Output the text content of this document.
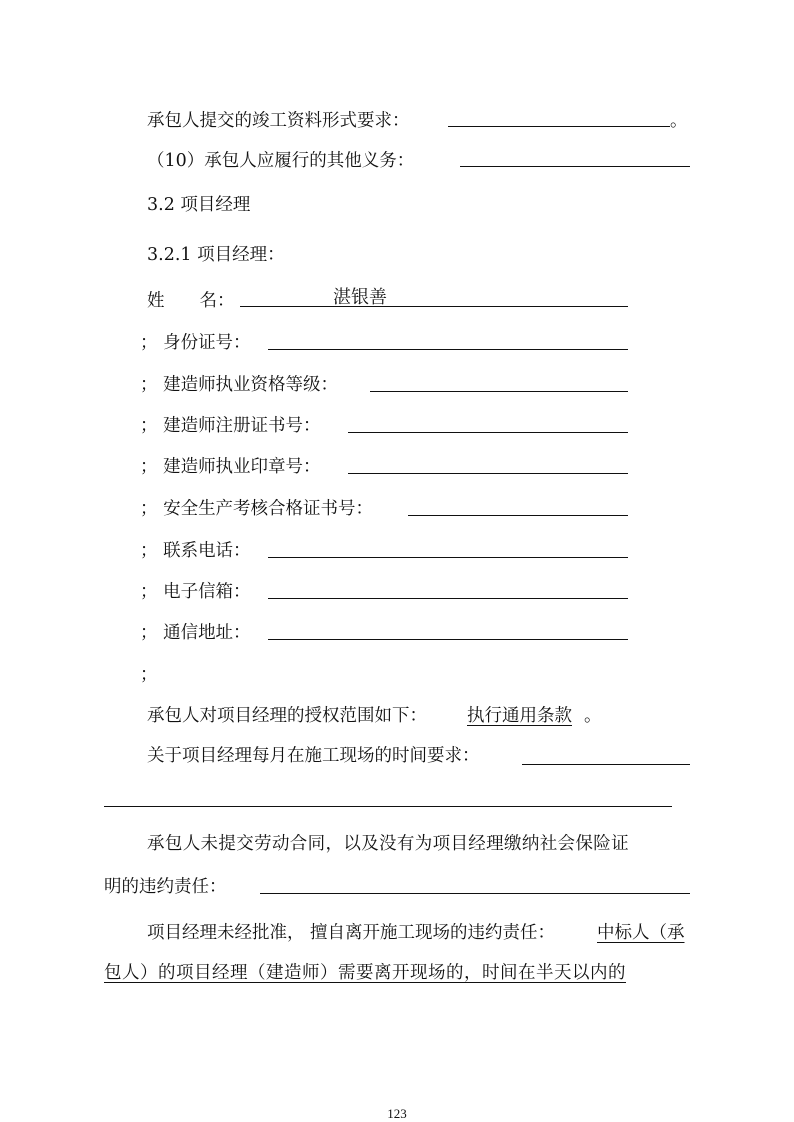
承包人提交的竣工资料形式要求：	。
（10）承包人应履行的其他义务：
3.2 项目经理
3.2.1 项目经理：
姓　　名：	湛银善
； 身份证号：
； 建造师执业资格等级：
； 建造师注册证书号：
； 建造师执业印章号：
； 安全生产考核合格证书号：
； 联系电话：
； 电子信箱：
； 通信地址：
；
承包人对项目经理的授权范围如下： 执行通用条款 。
关于项目经理每月在施工现场的时间要求：
承包人未提交劳动合同，以及没有为项目经理缴纳社会保险证
明的违约责任：
项目经理未经批准， 擅自离开施工现场的违约责任： 中标人（承
包人）的项目经理（建造师）需要离开现场的，时间在半天以内的
123
